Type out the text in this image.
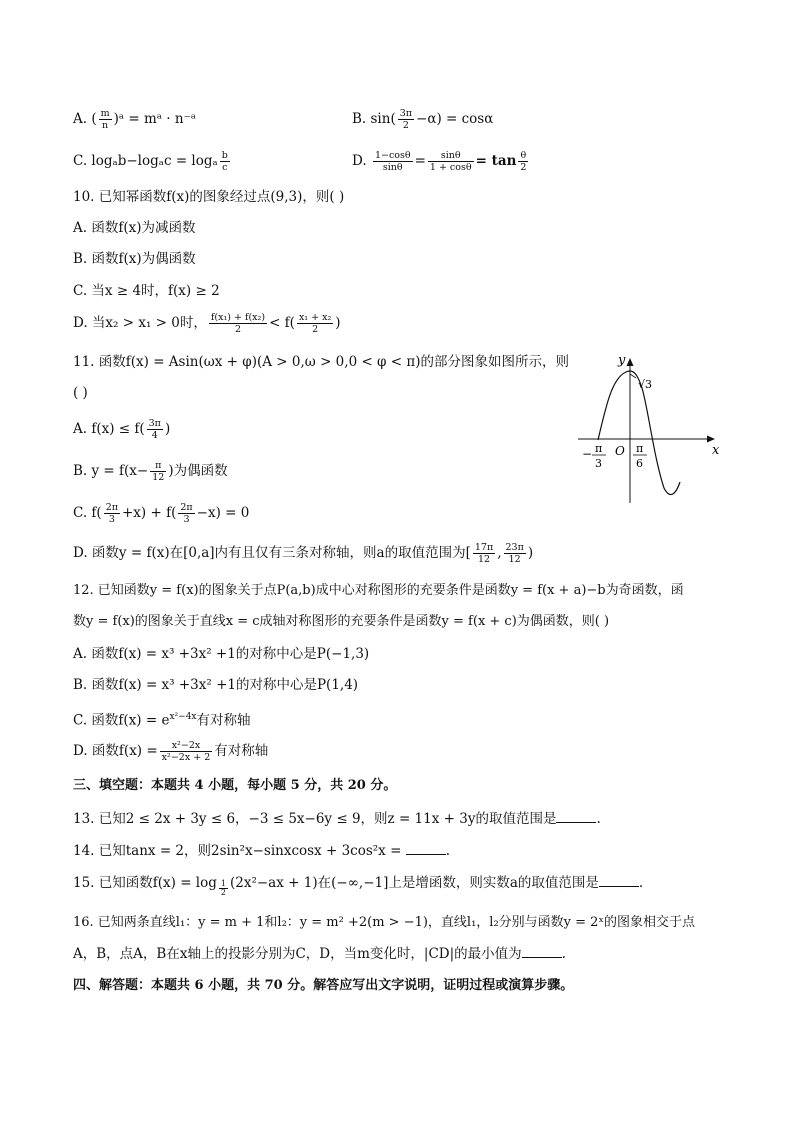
A. ( $\frac{m}{n}$ )ᵃ = mᵃ · n⁻ᵃ	B. $\sin( \frac{3\pi}{2} -\alpha) = \cos\alpha$
C. logₐb−logₐc = logₐ $\frac{b}{c}$	D. $\frac{1-\cos\theta}{\sin\theta} = \frac{\sin\theta}{1 + \cos\theta} = \tan \frac{\theta}{2}$
10. 已知幂函数f(x)的图象经过点(9,3)，则( )
A. 函数f(x)为减函数
B. 函数f(x)为偶函数
C. 当x ≥ 4时，f(x) ≥ 2
D. 当x₂ > x₁ > 0时， $\frac{\text{f(x₁) + f(x₂)}}{2} < f( \frac{\text{x₁ + x₂}}{2}$ )
11. 函数f(x) = Asin(ωx + φ)(A > 0,ω > 0,0 < φ < π)的部分图象如图所示，则
( )
A. $f(x) \le f( \frac{3\pi}{4}$ )
B. $y = f(x- \frac{\pi}{12}$ )为偶函数
C. $f( \frac{2\pi}{3} +x) + f( \frac{2\pi}{3} -x) = 0$
D. 函数y = f(x)在[0,a]内有且仅有三条对称轴，则a的取值范围为[ $\frac{17\pi}{12}$ , $\frac{23\pi}{12}$ )
y
x
O
√3
− π
3
π
6
12. 已知函数y = f(x)的图象关于点P(a,b)成中心对称图形的充要条件是函数y = f(x + a)−b为奇函数，函
数y = f(x)的图象关于直线x = c成轴对称图形的充要条件是函数y = f(x + c)为偶函数，则( )
A. 函数f(x) = x³ +3x² +1的对称中心是P(−1,3)
B. 函数f(x) = x³ +3x² +1的对称中心是P(1,4)
C. 函数$f(x) = e^{x^2-4x}$有对称轴
D. 函数$f(x) = \frac{\text{x²−2x}}{\text{x²−2x + 2}}$ 有对称轴
三、填空题：本题共 4 小题，每小题 5 分，共 20 分。
13. 已知2 ≤ 2x + 3y ≤ 6，−3 ≤ 5x−6y ≤ 9，则z = 11x + 3y的取值范围是	.
14. 已知tanx = 2，则2sin²x−sinxcosx + 3cos²x =	.
15. 已知函数$f(x) = \log \frac{1}{2} (2x^2-ax + 1)$在(−∞,−1]上是增函数，则实数a的取值范围是	.
16. 已知两条直线l₁：y = m + 1和l₂：y = m² +2(m > −1)，直线l₁，l₂分别与函数y = 2ˣ的图象相交于点
A，B，点A，B在x轴上的投影分别为C，D，当m变化时，|CD|的最小值为	.
四、解答题：本题共 6 小题，共 70 分。解答应写出文字说明，证明过程或演算步骤。
